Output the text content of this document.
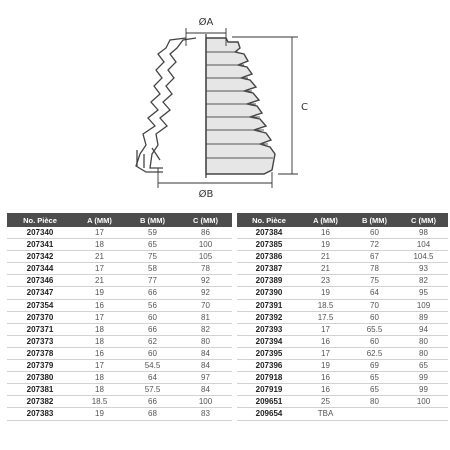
ØA
ØB
C
No. Pièce	A (MM)	B (MM)	C (MM)
207340	17	59	86
207341	18	65	100
207342	21	75	105
207344	17	58	78
207346	21	77	92
207347	19	66	92
207354	16	56	70
207370	17	60	81
207371	18	66	82
207373	18	62	80
207378	16	60	84
207379	17	54.5	84
207380	18	64	97
207381	18	57.5	84
207382	18.5	66	100
207383	19	68	83
No. Pièce	A (MM)	B (MM)	C (MM)
207384	16	60	98
207385	19	72	104
207386	21	67	104.5
207387	21	78	93
207389	23	75	82
207390	19	64	95
207391	18.5	70	109
207392	17.5	60	89
207393	17	65.5	94
207394	16	60	80
207395	17	62.5	80
207396	19	69	65
207918	16	65	99
207919	16	65	99
209651	25	80	100
209654	TBA		
